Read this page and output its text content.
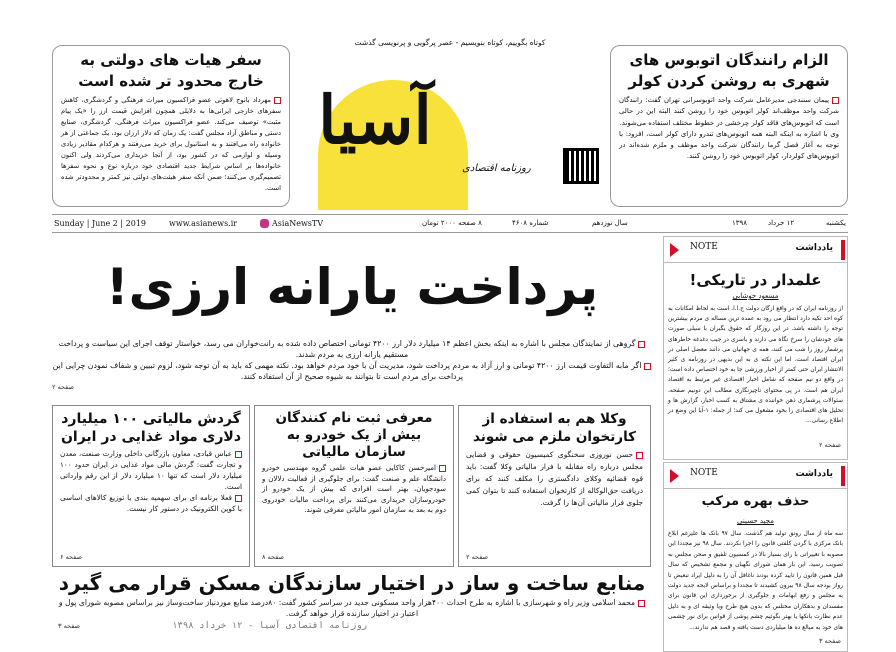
سفر هیات های دولتی به خارج محدود تر شده است
مهرداد بانوج لاهوتی عضو فراکسیون میراث فرهنگی و گردشگری، کاهش سفرهای خارجی ایرانی‌ها به دلایلی همچون افزایش قیمت ارز را «یک پیام مثبت» توصیف می‌کند. عضو فراکسیون میراث فرهنگی، گردشگری، صنایع دستی و مناطق آزاد مجلس گفت: یک زمان که دلار ارزان بود، یک جماعتی از هر خانواده راه می‌افتند و به استانبول برای خرید می‌رفتند و هرکدام مقادیر زیادی وسیله و لوازمی که در کشور بود، از آنجا خریداری می‌کردند ولی اکنون خانواده‌ها بر اساس شرایط جدید اقتصادی خود درباره نوع و نحوه سفرها تصمیم‌گیری می‌کنند؛ ضمن آنکه سفر هیئت‌های دولتی نیز کمتر و محدودتر شده است.
الزام رانندگان اتوبوس های شهری به روشن کردن کولر
پیمان سنندجی مدیرعامل شرکت واحد اتوبوسرانی تهران گفت: رانندگان شرکت واحد موظف‌اند کولر اتوبوس خود را روشن کنند البته این در حالی است که اتوبوس‌های فاقد کولر چرخشی در خطوط مختلف استفاده می‌شوند.
وی با اشاره به اینکه البته همه اتوبوس‌های تندرو دارای کولر است، افزود: با توجه به آغاز فصل گرما رانندگان شرکت واحد موظف و ملزم شده‌اند در اتوبوس‌های کولردار، کولر اتوبوس خود را روشن کنند.
کوتاه بگوییم، کوتاه بنویسیم - عصر پرگویی و پرنویسی گذشت
آسیا
روزنامه اقتصادی
Sunday | June 2 | 2019	www.asianews.ir	AsiaNewsTV	۸ صفحه ۲۰۰۰ تومان	شماره ۴۶۰۸	سال نوزدهم	۱۳۹۸	۱۲ خرداد	یکشنبه
پرداخت یارانه ارزی!
گروهی از نمایندگان مجلس با اشاره به اینکه بخش اعظم ۱۴ میلیارد دلار ارز ۴۲۰۰ تومانی اختصاص داده شده به رانت‌خواران می رسد، خواستار توقف اجرای این سیاست و پرداخت مستقیم یارانه ارزی به مردم شدند.
اگر مابه التفاوت قیمت ارز ۴۲۰۰ تومانی و ارز آزاد به مردم پرداخت شود، مدیریت آن با خود مردم خواهد بود. نکته مهمی که باید به آن توجه شود، لزوم تبیین و شفاف نمودن چرایی این پرداخت برای مردم است تا بتوانند به شیوه صحیح از آن استفاده کنند.
صفحه ۲
وکلا هم به استفاده از کارتخوان ملزم می شوند
حسن نوروزی سخنگوی کمیسیون حقوقی و قضایی مجلس درباره راه مقابله با فرار مالیاتی وکلا گفت: باید قوه قضائیه وکلای دادگستری را مکلف کنند که برای دریافت حق‌الوکاله از کارتخوان استفاده کنند تا بتوان کمی جلوی فرار مالیاتی آن‌ها را گرفت.
صفحه ۲
معرفی ثبت نام کنندگان بیش از یک خودرو به سازمان مالیاتی
امیرحسن کاکایی عضو هیات علمی گروه مهندسی خودرو دانشگاه علم و صنعت گفت: برای جلوگیری از فعالیت دلالان و سودجویان، بهتر است افرادی که بیش از یک خودرو از خودروسازان خریداری می‌کنند برای پرداخت مالیات خودروی دوم به بعد به سازمان امور مالیاتی معرفی شوند.
صفحه ۸
گردش مالیاتی ۱۰۰ میلیارد دلاری مواد غذایی در ایران
عباس قبادی، معاون بازرگانی داخلی وزارت صنعت، معدن و تجارت گفت: گردش مالی مواد غذایی در ایران حدود ۱۰۰ میلیارد دلار است که تنها ۱۰ میلیارد دلار از این رقم وارداتی است.
فعلا برنامه ای برای سهمیه بندی یا توزیع کالاهای اساسی با کوپن الکترونیک در دستور کار نیست.
صفحه ۶
منابع ساخت و ساز در اختیار سازندگان مسکن قرار می گیرد
محمد اسلامی وزیر راه و شهرسازی با اشاره به طرح احداث ۴۰۰هزار واحد مسکونی جدید در سراسر کشور گفت: ۸۰درصد منابع موردنیاز ساخت‌وساز نیز براساس مصوبه شورای پول و اعتبار در اختیار سازنده قرار خواهد گرفت.
صفحه ۳	روزنامه اقتصادی آسیا - ۱۲ خرداد ۱۳۹۸
NOTE	یادداشت
علمدار در تاریکی!
مسعود خوشابی
از روزنامه ایران که در واقع ارگان دولت ج.ا.ا. است به لحاظ امکانات به کوه احد تکیه دارد انتظار می رود به عمده ترین مساله ی مردم بیشترین توجه را داشته باشد. در این روزگار که حقوق بگیران با سیلی صورت های خودشان را سرخ نگاه می دارند و باسری در جیب دغدغه خاطرهای پرشمار روز را شب می کنند، همه ی جهانیان می دانند معضل اصلی در ایران اقتصاد است. اما این نکته ی به این بدیهی در روزنامه ی کثیر الانتشار ایران حتی کمتر از اخبار ورزشی جا به خود اختصاص داده است؛ در واقع دو نیم صفحه که شامل اخبار اقتصادی غیر مرتبط به اقتصاد ایران هم است. در پی محتوای ناچیزنگاری مطالب این دونیم صفحه، سئوالات پرشماری ذهن خواننده ی مشتاق به کسب اخبار، گزارش ها و تحلیل های اقتصادی را بخود مشغول می کند؛ از جمله: ۱-آیا این وضع در اطلاع رسانی...
صفحه ۲
NOTE	یادداشت
حذف بهره مرکب
مجید حسینی
سه ماه از سال رونق تولید هم گذشت. سال ۹۷ بانک ها علیرغم ابلاغ بانک مرکزی با گردن کلفتی قانون را اجرا نکردند. سال ۹۸ نیز مجددا این مصوبه با تغییراتی با رای بسیار بالا در کمسیون تلفیق و صحن مجلس به تصویب رسید. این بار همان شورای نگهبان و مجمع تشخیص که سال قبل همین قانون را تایید کرده بودند ناغافل آن را به دلیل ایراد تبعیض تا رواز بودجه سال ۹۸ بیرون کشیدند تا مجددا و براساس لایحه جدید دولت به مجلس و رفع ابهامات و جلوگیری از برخورداری این قانون برای مفسدان و بدهکاران مختلس که بدون هیچ طرح ویا وثیقه ای و به دلیل عدم نظارت بانکها یا بهتر بگوئیم چشم پوشی از قوانین برای نور چشمی های خود به مبالغ ده ها میلیاردی دست یافته و قصد هم ندارند...
صفحه ۳
